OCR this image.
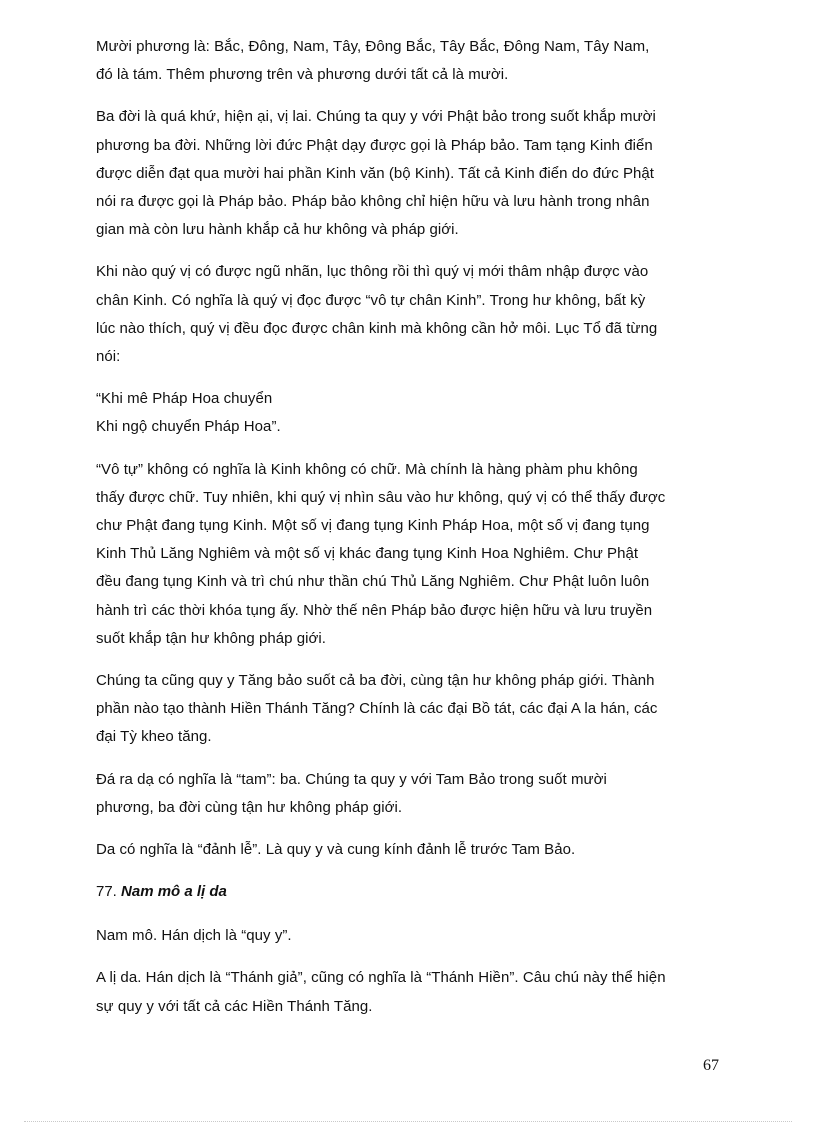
Mười phương là: Bắc, Đông, Nam, Tây, Đông Bắc, Tây Bắc, Đông Nam, Tây Nam,
đó là tám. Thêm phương trên và phương dưới tất cả là mười.
Ba đời là quá khứ, hiện ại, vị lai. Chúng ta quy y với Phật bảo trong suốt khắp mười
phương ba đời. Những lời đức Phật dạy được gọi là Pháp bảo. Tam tạng Kinh điển
được diễn đạt qua mười hai phần Kinh văn (bộ Kinh). Tất cả Kinh điển do đức Phật
nói ra được gọi là Pháp bảo. Pháp bảo không chỉ hiện hữu và lưu hành trong nhân
gian mà còn lưu hành khắp cả hư không và pháp giới.
Khi nào quý vị có được ngũ nhãn, lục thông rồi thì quý vị mới thâm nhập được vào
chân Kinh. Có nghĩa là quý vị đọc được “vô tự chân Kinh”. Trong hư không, bất kỳ
lúc nào thích, quý vị đều đọc được chân kinh mà không cần hở môi. Lục Tổ đã từng
nói:
“Khi mê Pháp Hoa chuyển
Khi ngộ chuyển Pháp Hoa”.
“Vô tự” không có nghĩa là Kinh không có chữ. Mà chính là hàng phàm phu không
thấy được chữ. Tuy nhiên, khi quý vị nhìn sâu vào hư không, quý vị có thể thấy được
chư Phật đang tụng Kinh. Một số vị đang tụng Kinh Pháp Hoa, một số vị đang tụng
Kinh Thủ Lăng Nghiêm và một số vị khác đang tụng Kinh Hoa Nghiêm. Chư Phật
đều đang tụng Kinh và trì chú như thần chú Thủ Lăng Nghiêm. Chư Phật luôn luôn
hành trì các thời khóa tụng ấy. Nhờ thế nên Pháp bảo được hiện hữu và lưu truyền
suốt khắp tận hư không pháp giới.
Chúng ta cũng quy y Tăng bảo suốt cả ba đời, cùng tận hư không pháp giới. Thành
phần nào tạo thành Hiền Thánh Tăng? Chính là các đại Bồ tát, các đại A la hán, các
đại Tỳ kheo tăng.
Đá ra dạ có nghĩa là “tam”: ba. Chúng ta quy y với Tam Bảo trong suốt mười
phương, ba đời cùng tận hư không pháp giới.
Da có nghĩa là “đảnh lễ”. Là quy y và cung kính đảnh lễ trước Tam Bảo.
77. Nam mô a lị da
Nam mô. Hán dịch là “quy y”.
A lị da. Hán dịch là “Thánh giả”, cũng có nghĩa là “Thánh Hiền”. Câu chú này thể hiện
sự quy y với tất cả các Hiền Thánh Tăng.
67
